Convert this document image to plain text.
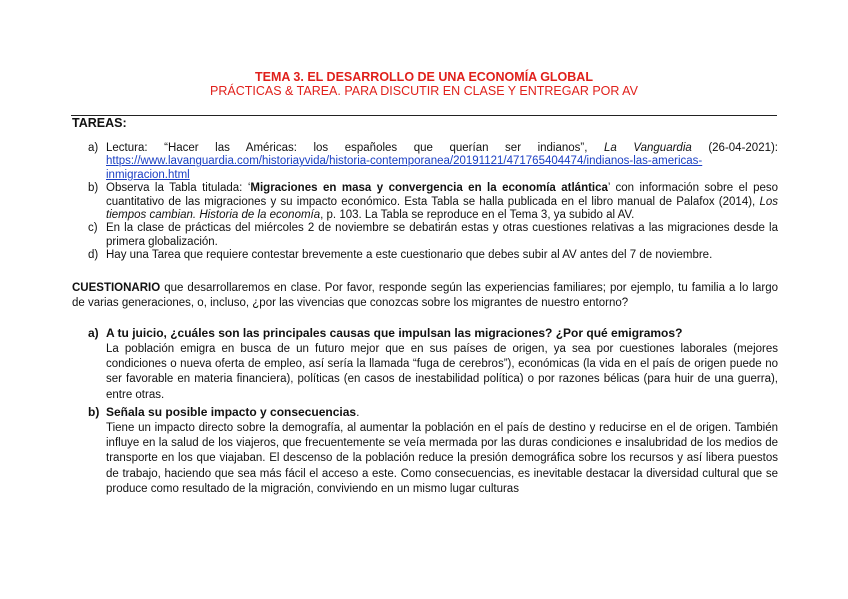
TEMA 3. EL DESARROLLO DE UNA ECONOMÍA GLOBAL
PRÁCTICAS & TAREA. PARA DISCUTIR EN CLASE Y ENTREGAR POR AV
TAREAS:
a) Lectura: “Hacer las Américas: los españoles que querían ser indianos”, La Vanguardia (26-04-2021): https://www.lavanguardia.com/historiayvida/historia-contemporanea/20191121/471765404474/indianos-las-americas-inmigracion.html
b) Observa la Tabla titulada: ‘Migraciones en masa y convergencia en la economía atlántica’ con información sobre el peso cuantitativo de las migraciones y su impacto económico. Esta Tabla se halla publicada en el libro manual de Palafox (2014), Los tiempos cambian. Historia de la economía, p. 103. La Tabla se reproduce en el Tema 3, ya subido al AV.
c) En la clase de prácticas del miércoles 2 de noviembre se debatirán estas y otras cuestiones relativas a las migraciones desde la primera globalización.
d) Hay una Tarea que requiere contestar brevemente a este cuestionario que debes subir al AV antes del 7 de noviembre.
CUESTIONARIO que desarrollaremos en clase. Por favor, responde según las experiencias familiares; por ejemplo, tu familia a lo largo de varias generaciones, o, incluso, ¿por las vivencias que conozcas sobre los migrantes de nuestro entorno?
a) A tu juicio, ¿cuáles son las principales causas que impulsan las migraciones? ¿Por qué emigramos?
La población emigra en busca de un futuro mejor que en sus países de origen, ya sea por cuestiones laborales (mejores condiciones o nueva oferta de empleo, así sería la llamada “fuga de cerebros”), económicas (la vida en el país de origen puede no ser favorable en materia financiera), políticas (en casos de inestabilidad política) o por razones bélicas (para huir de una guerra), entre otras.
b) Señala su posible impacto y consecuencias.
Tiene un impacto directo sobre la demografía, al aumentar la población en el país de destino y reducirse en el de origen. También influye en la salud de los viajeros, que frecuentemente se veía mermada por las duras condiciones e insalubridad de los medios de transporte en los que viajaban. El descenso de la población reduce la presión demográfica sobre los recursos y así libera puestos de trabajo, haciendo que sea más fácil el acceso a este. Como consecuencias, es inevitable destacar la diversidad cultural que se produce como resultado de la migración, conviviendo en un mismo lugar culturas
